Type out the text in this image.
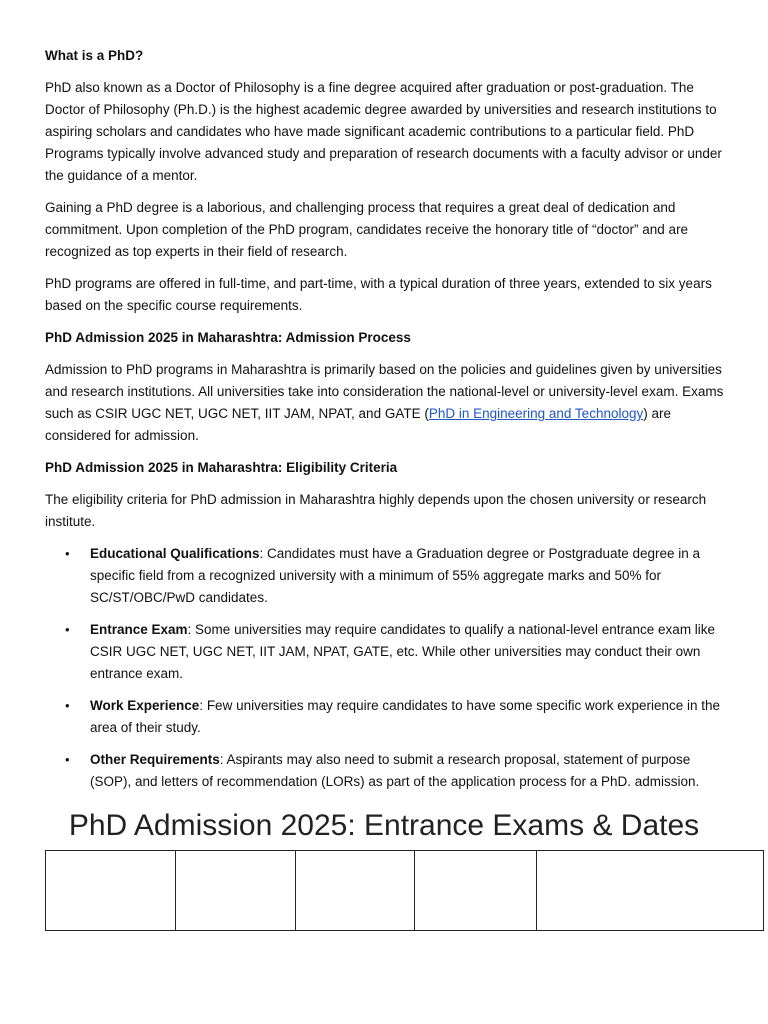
What is a PhD?

PhD also known as a Doctor of Philosophy is a fine degree acquired after graduation or post-graduation. The Doctor of Philosophy (Ph.D.) is the highest academic degree awarded by universities and research institutions to aspiring scholars and candidates who have made significant academic contributions to a particular field. PhD Programs typically involve advanced study and preparation of research documents with a faculty advisor or under the guidance of a mentor.

Gaining a PhD degree is a laborious, and challenging process that requires a great deal of dedication and commitment. Upon completion of the PhD program, candidates receive the honorary title of “doctor” and are recognized as top experts in their field of research.

PhD programs are offered in full-time, and part-time, with a typical duration of three years, extended to six years based on the specific course requirements.

PhD Admission 2025 in Maharashtra: Admission Process

Admission to PhD programs in Maharashtra is primarily based on the policies and guidelines given by universities and research institutions. All universities take into consideration the national-level or university-level exam. Exams such as CSIR UGC NET, UGC NET, IIT JAM, NPAT, and GATE (PhD in Engineering and Technology) are considered for admission.

PhD Admission 2025 in Maharashtra: Eligibility Criteria

The eligibility criteria for PhD admission in Maharashtra highly depends upon the chosen university or research institute.

• Educational Qualifications: Candidates must have a Graduation degree or Postgraduate degree in a specific field from a recognized university with a minimum of 55% aggregate marks and 50% for SC/ST/OBC/PwD candidates.
• Entrance Exam: Some universities may require candidates to qualify a national-level entrance exam like CSIR UGC NET, UGC NET, IIT JAM, NPAT, GATE, etc. While other universities may conduct their own entrance exam.
• Work Experience: Few universities may require candidates to have some specific work experience in the area of their study.
• Other Requirements: Aspirants may also need to submit a research proposal, statement of purpose (SOP), and letters of recommendation (LORs) as part of the application process for a PhD. admission.
PhD Admission 2025: Entrance Exams & Dates
